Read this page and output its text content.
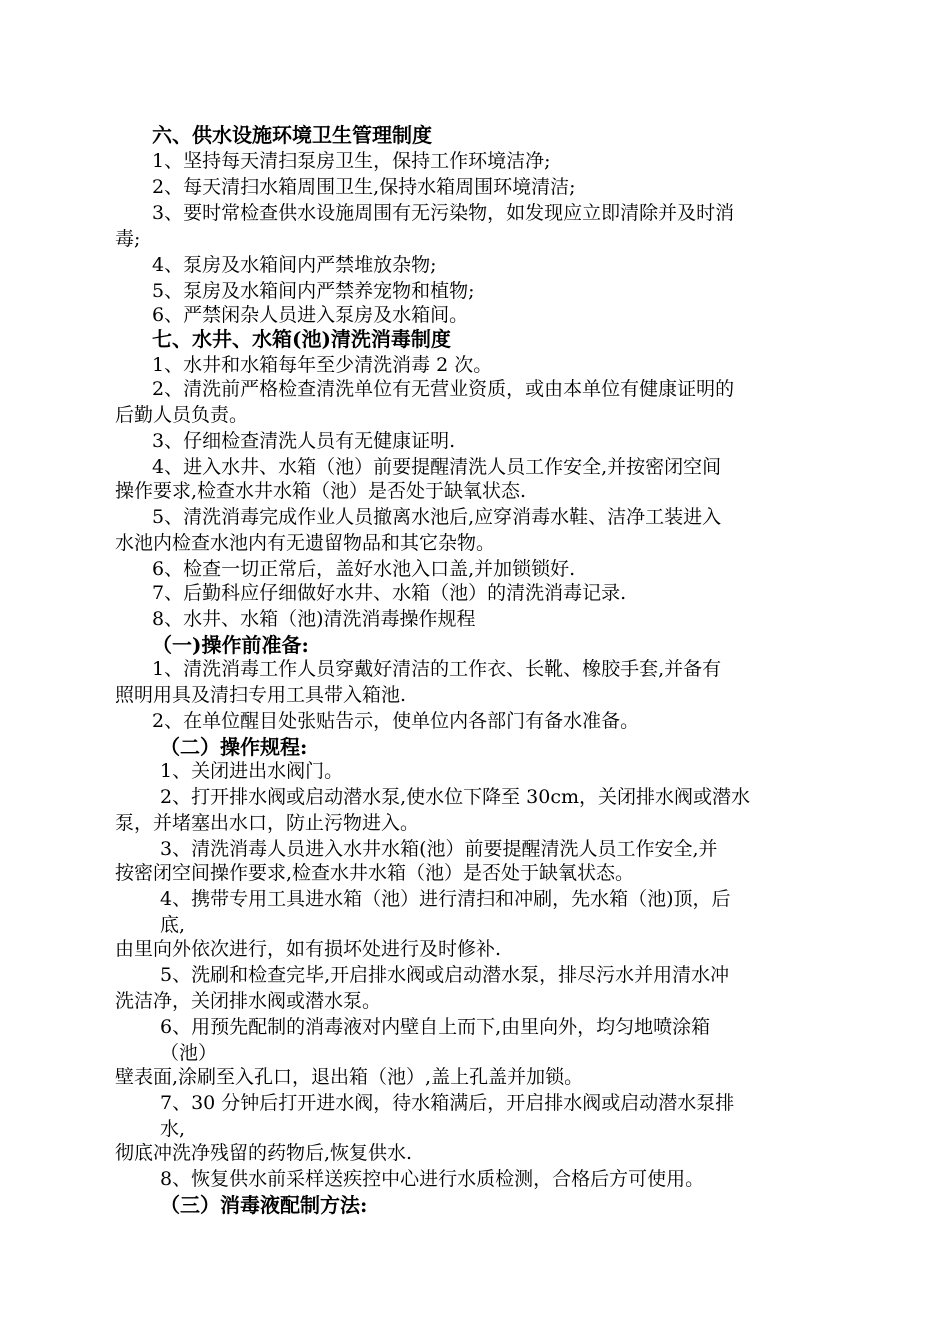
六、供水设施环境卫生管理制度
1、坚持每天清扫泵房卫生，保持工作环境洁净;
2、每天清扫水箱周围卫生,保持水箱周围环境清洁;
3、要时常检查供水设施周围有无污染物，如发现应立即清除并及时消
毒;
4、泵房及水箱间内严禁堆放杂物;
5、泵房及水箱间内严禁养宠物和植物;
6、严禁闲杂人员进入泵房及水箱间。
七、水井、水箱(池)清洗消毒制度
1、水井和水箱每年至少清洗消毒 2 次。
2、清洗前严格检查清洗单位有无营业资质，或由本单位有健康证明的
后勤人员负责。
3、仔细检查清洗人员有无健康证明.
4、进入水井、水箱（池）前要提醒清洗人员工作安全,并按密闭空间
操作要求,检查水井水箱（池）是否处于缺氧状态.
5、清洗消毒完成作业人员撤离水池后,应穿消毒水鞋、洁净工装进入
水池内检查水池内有无遗留物品和其它杂物。
6、检查一切正常后，盖好水池入口盖,并加锁锁好.
7、后勤科应仔细做好水井、水箱（池）的清洗消毒记录.
8、水井、水箱（池)清洗消毒操作规程
（一)操作前准备:
1、清洗消毒工作人员穿戴好清洁的工作衣、长靴、橡胶手套,并备有
照明用具及清扫专用工具带入箱池.
2、在单位醒目处张贴告示，使单位内各部门有备水准备。
（二）操作规程:
1、关闭进出水阀门。
2、打开排水阀或启动潜水泵,使水位下降至 30cm，关闭排水阀或潜水
泵，并堵塞出水口，防止污物进入。
3、清洗消毒人员进入水井水箱(池）前要提醒清洗人员工作安全,并
按密闭空间操作要求,检查水井水箱（池）是否处于缺氧状态。
4、携带专用工具进水箱（池）进行清扫和冲刷，先水箱（池)顶，后
底,
由里向外依次进行，如有损坏处进行及时修补.
5、洗刷和检查完毕,开启排水阀或启动潜水泵，排尽污水并用清水冲
洗洁净，关闭排水阀或潜水泵。
6、用预先配制的消毒液对内壁自上而下,由里向外，均匀地喷涂箱
（池）
壁表面,涂刷至入孔口，退出箱（池）,盖上孔盖并加锁。
7、30 分钟后打开进水阀，待水箱满后，开启排水阀或启动潜水泵排
水,
彻底冲洗净残留的药物后,恢复供水.
8、恢复供水前采样送疾控中心进行水质检测，合格后方可使用。
（三）消毒液配制方法:
